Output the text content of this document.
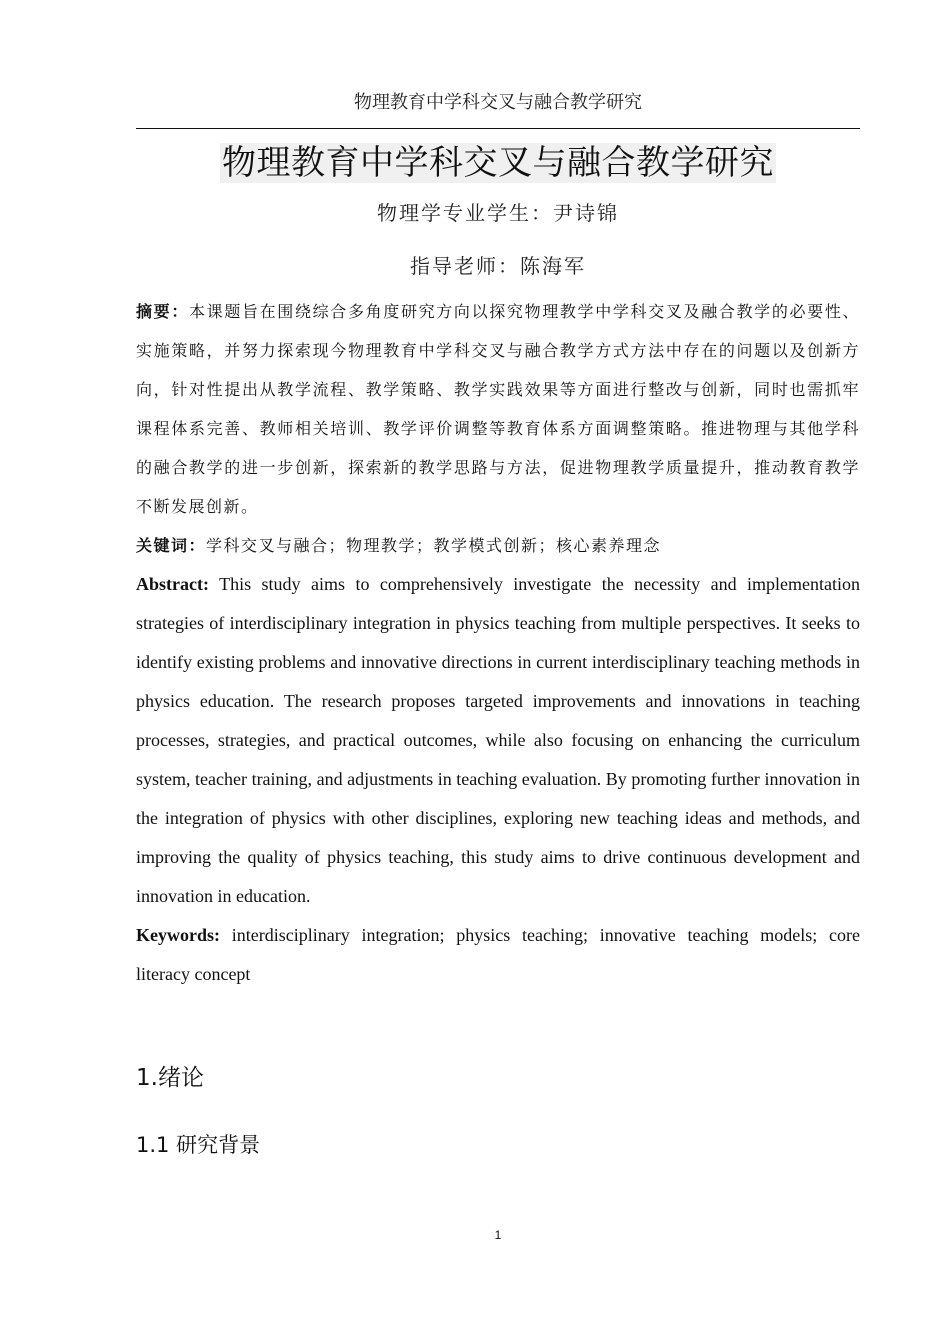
物理教育中学科交叉与融合教学研究
物理教育中学科交叉与融合教学研究
物理学专业学生：尹诗锦
指导老师：陈海军
摘要：本课题旨在围绕综合多角度研究方向以探究物理教学中学科交叉及融合教学的必要性、实施策略，并努力探索现今物理教育中学科交叉与融合教学方式方法中存在的问题以及创新方向，针对性提出从教学流程、教学策略、教学实践效果等方面进行整改与创新，同时也需抓牢课程体系完善、教师相关培训、教学评价调整等教育体系方面调整策略。推进物理与其他学科的融合教学的进一步创新，探索新的教学思路与方法，促进物理教学质量提升，推动教育教学不断发展创新。
关键词：学科交叉与融合；物理教学；教学模式创新；核心素养理念
Abstract: This study aims to comprehensively investigate the necessity and implementation strategies of interdisciplinary integration in physics teaching from multiple perspectives. It seeks to identify existing problems and innovative directions in current interdisciplinary teaching methods in physics education. The research proposes targeted improvements and innovations in teaching processes, strategies, and practical outcomes, while also focusing on enhancing the curriculum system, teacher training, and adjustments in teaching evaluation. By promoting further innovation in the integration of physics with other disciplines, exploring new teaching ideas and methods, and improving the quality of physics teaching, this study aims to drive continuous development and innovation in education.
Keywords: interdisciplinary integration; physics teaching; innovative teaching models; core literacy concept
1.绪论
1.1 研究背景
1
